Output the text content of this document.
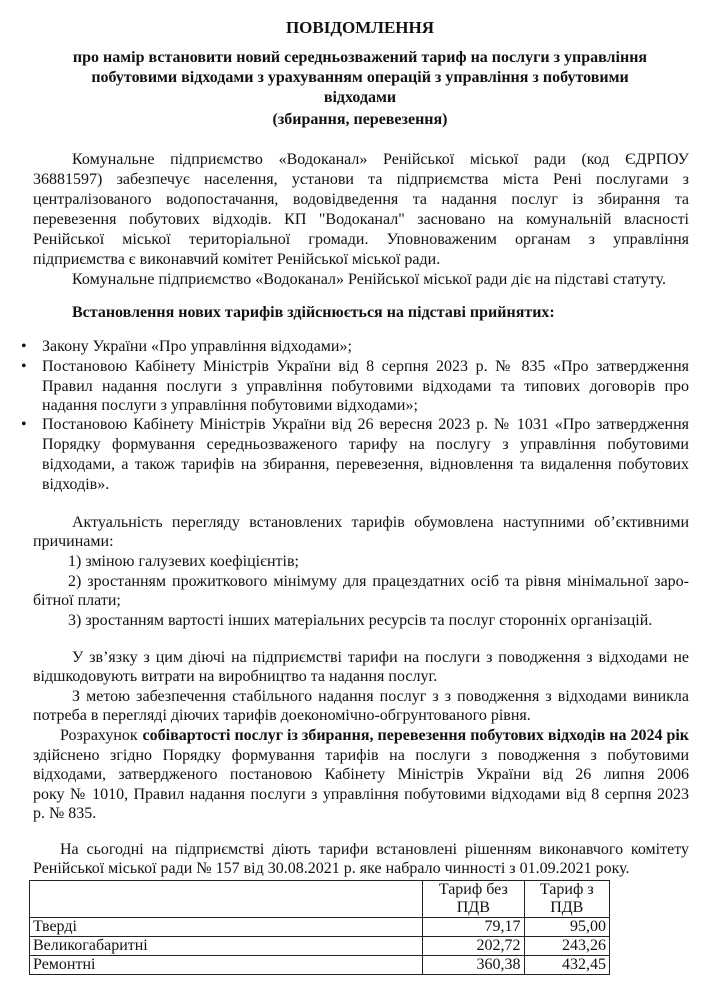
ПОВІДОМЛЕННЯ
про намір встановити новий середньозважений тариф на послуги з управління
побутовими відходами з урахуванням операцій з управління з побутовими
відходами
(збирання, перевезення)
Комунальне підприємство «Водоканал» Ренійської міської ради (код ЄДРПОУ
36881597) забезпечує населення, установи та підприємства міста Рені послугами з
централізованого водопостачання, водовідведення та надання послуг із збирання та
перевезення побутових відходів. КП "Водоканал" засновано на комунальній власності
Ренійської міської територіальної громади. Уповноваженим органам з управління
підприємства є виконавчий комітет Ренійської міської ради.
Комунальне підприємство «Водоканал» Ренійської міської ради діє на підставі статуту.
Встановлення нових тарифів здійснюється на підставі прийнятих:
• Закону України «Про управління відходами»;
• Постановою Кабінету Міністрів України від 8 серпня 2023 р. № 835 «Про затвердження
Правил надання послуги з управління побутовими відходами та типових договорів про
надання послуги з управління побутовими відходами»;
• Постановою Кабінету Міністрів України від 26 вересня 2023 р. № 1031 «Про затвердження
Порядку формування середньозваженого тарифу на послугу з управління побутовими
відходами, а також тарифів на збирання, перевезення, відновлення та видалення побутових
відходів».
Актуальність перегляду встановлених тарифів обумовлена наступними об’єктивними
причинами:
1) зміною галузевих коефіцієнтів;
2) зростанням прожиткового мінімуму для працездатних осіб та рівня мінімальної заро-
бітної плати;
3) зростанням вартості інших матеріальних ресурсів та послуг сторонніх організацій.
У зв’язку з цим діючі на підприємстві тарифи на послуги з поводження з відходами не
відшкодовують витрати на виробництво та надання послуг.
З метою забезпечення стабільного надання послуг з з поводження з відходами виникла
потреба в перегляді діючих тарифів доекономічно-обгрунтованого рівня.
Розрахунок собівартості послуг із збирання, перевезення побутових відходів на 2024 рік
здійснено згідно Порядку формування тарифів на послуги з поводження з побутовими
відходами, затвердженого постановою Кабінету Міністрів України від 26 липня 2006
року № 1010, Правил надання послуги з управління побутовими відходами від 8 серпня 2023
р. № 835.
На сьогодні на підприємстві діють тарифи встановлені рішенням виконавчого комітету
Ренійської міської ради № 157 від 30.08.2021 р. яке набрало чинності з 01.09.2021 року.
	Тариф без ПДВ	Тариф з ПДВ
Тверді	79,17	95,00
Великогабаритні	202,72	243,26
Ремонтні	360,38	432,45
